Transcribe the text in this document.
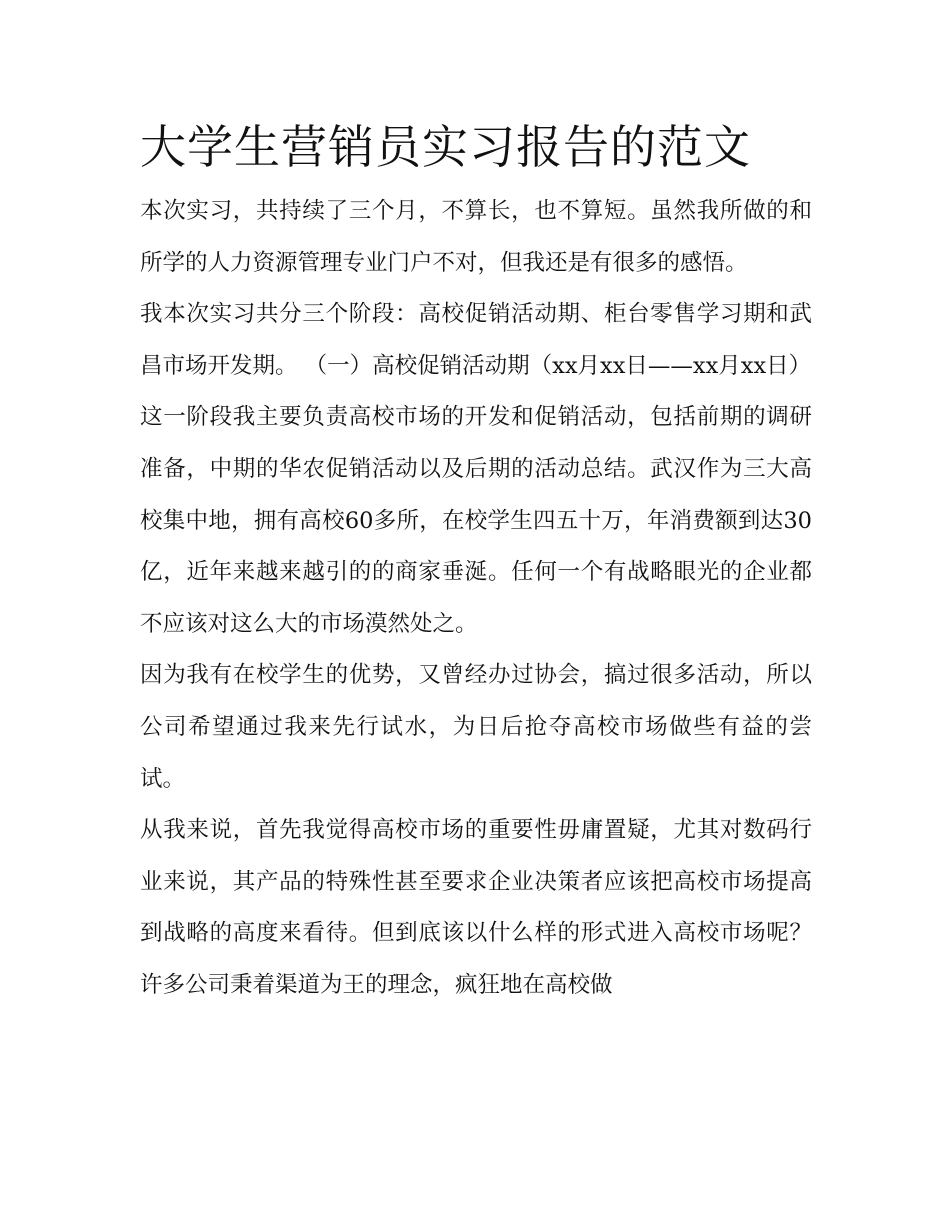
大学生营销员实习报告的范文

本次实习，共持续了三个月，不算长，也不算短。虽然我所做的和所学的人力资源管理专业门户不对，但我还是有很多的感悟。

我本次实习共分三个阶段：高校促销活动期、柜台零售学习期和武昌市场开发期。 （一）高校促销活动期（xx月xx日——xx月xx日）

这一阶段我主要负责高校市场的开发和促销活动，包括前期的调研准备，中期的华农促销活动以及后期的活动总结。武汉作为三大高校集中地，拥有高校60多所，在校学生四五十万，年消费额到达30亿，近年来越来越引的的商家垂涎。任何一个有战略眼光的企业都不应该对这么大的市场漠然处之。

因为我有在校学生的优势，又曾经办过协会，搞过很多活动，所以公司希望通过我来先行试水，为日后抢夺高校市场做些有益的尝试。

从我来说，首先我觉得高校市场的重要性毋庸置疑，尤其对数码行业来说，其产品的特殊性甚至要求企业决策者应该把高校市场提高到战略的高度来看待。但到底该以什么样的形式进入高校市场呢？许多公司秉着渠道为王的理念，疯狂地在高校做
